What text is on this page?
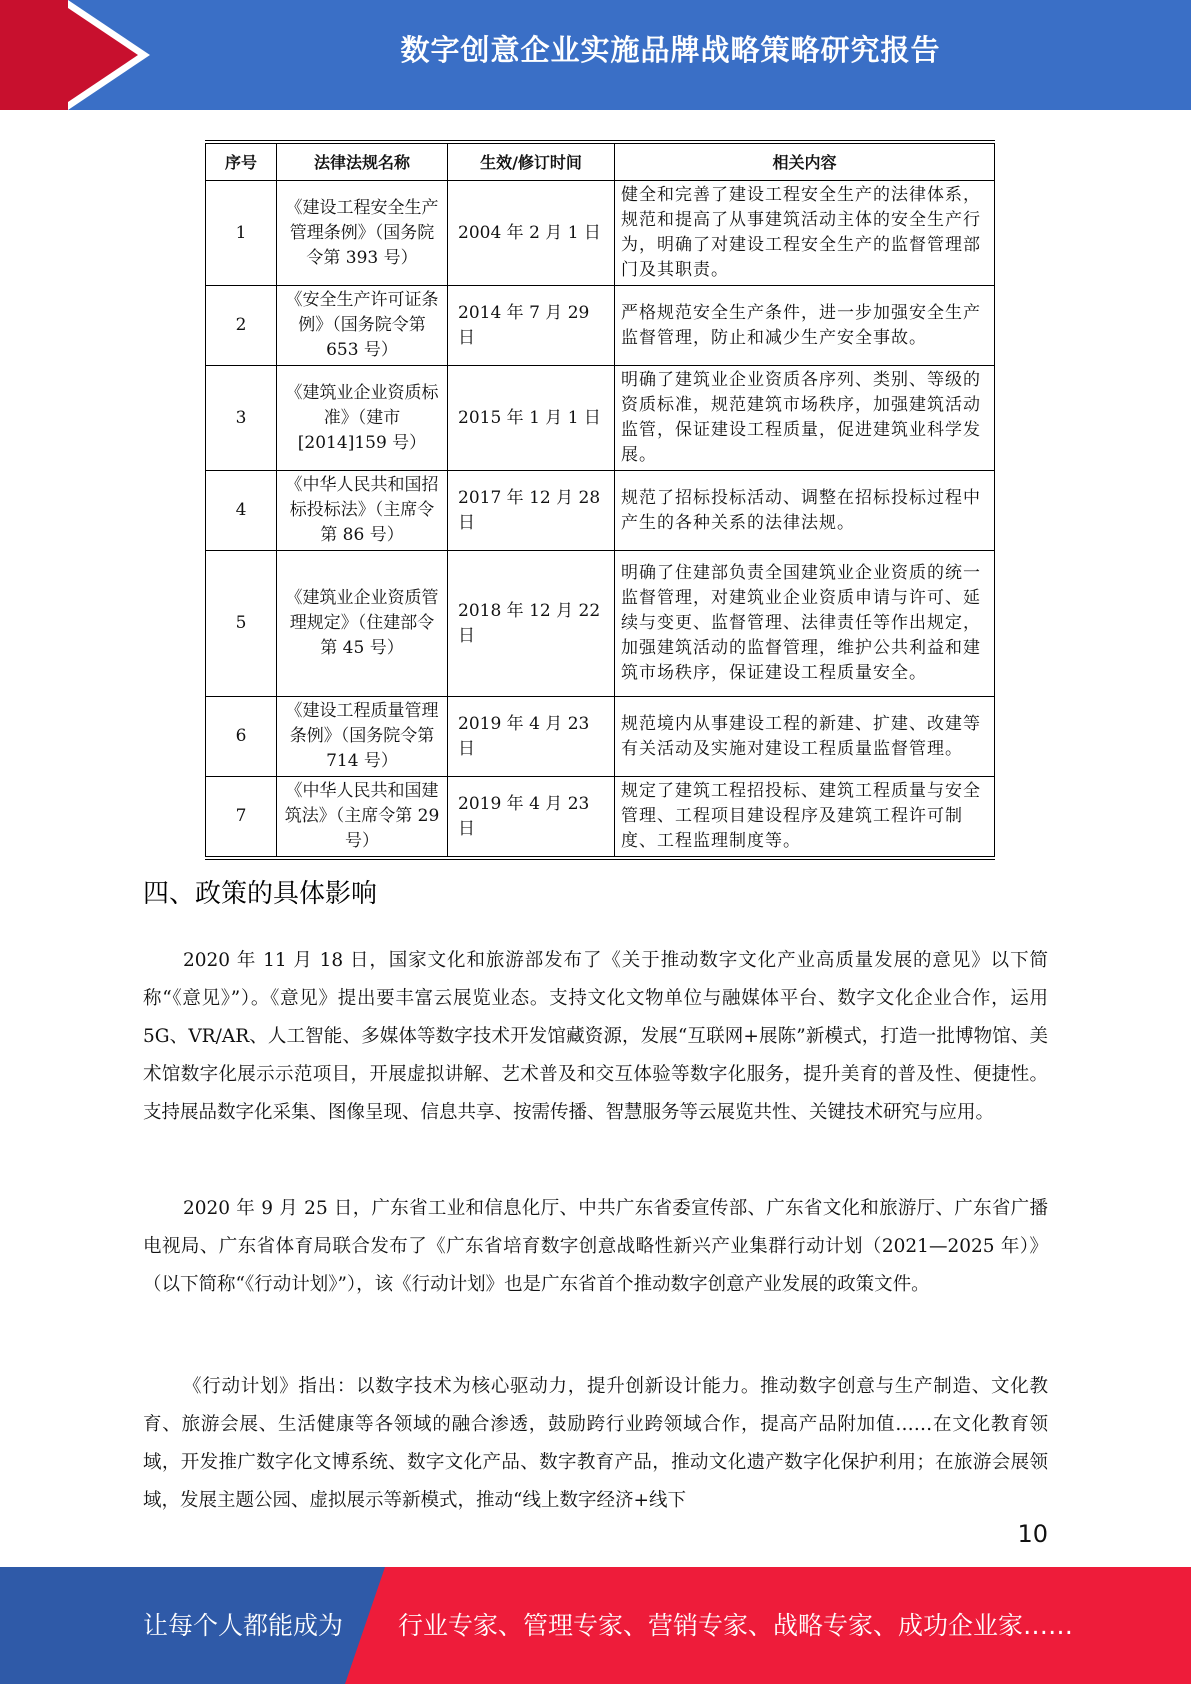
数字创意企业实施品牌战略策略研究报告
序号	法律法规名称	生效/修订时间	相关内容
1	《建设工程安全生产管理条例》（国务院令第 393 号）	2004 年 2 月 1 日	健全和完善了建设工程安全生产的法律体系，规范和提高了从事建筑活动主体的安全生产行为，明确了对建设工程安全生产的监督管理部门及其职责。
2	《安全生产许可证条例》（国务院令第653 号）	2014 年 7 月 29 日	严格规范安全生产条件，进一步加强安全生产监督管理，防止和减少生产安全事故。
3	《建筑业企业资质标准》（建市[2014]159 号）	2015 年 1 月 1 日	明确了建筑业企业资质各序列、类别、等级的资质标准，规范建筑市场秩序，加强建筑活动监管，保证建设工程质量，促进建筑业科学发展。
4	《中华人民共和国招标投标法》（主席令第 86 号）	2017 年 12 月 28 日	规范了招标投标活动、调整在招标投标过程中产生的各种关系的法律法规。
5	《建筑业企业资质管理规定》（住建部令第 45 号）	2018 年 12 月 22 日	明确了住建部负责全国建筑业企业资质的统一监督管理，对建筑业企业资质申请与许可、延续与变更、监督管理、法律责任等作出规定，加强建筑活动的监督管理，维护公共利益和建筑市场秩序，保证建设工程质量安全。
6	《建设工程质量管理条例》（国务院令第 714 号）	2019 年 4 月 23 日	规范境内从事建设工程的新建、扩建、改建等有关活动及实施对建设工程质量监督管理。
7	《中华人民共和国建筑法》（主席令第 29 号）	2019 年 4 月 23 日	规定了建筑工程招投标、建筑工程质量与安全管理、工程项目建设程序及建筑工程许可制度、工程监理制度等。
四、政策的具体影响

2020 年 11 月 18 日，国家文化和旅游部发布了《关于推动数字文化产业高质量发展的意见》以下简称“《意见》”）。《意见》提出要丰富云展览业态。支持文化文物单位与融媒体平台、数字文化企业合作，运用 5G、VR/AR、人工智能、多媒体等数字技术开发馆藏资源，发展“互联网+展陈”新模式，打造一批博物馆、美术馆数字化展示示范项目，开展虚拟讲解、艺术普及和交互体验等数字化服务，提升美育的普及性、便捷性。支持展品数字化采集、图像呈现、信息共享、按需传播、智慧服务等云展览共性、关键技术研究与应用。

2020 年 9 月 25 日，广东省工业和信息化厅、中共广东省委宣传部、广东省文化和旅游厅、广东省广播电视局、广东省体育局联合发布了《广东省培育数字创意战略性新兴产业集群行动计划（2021—2025 年）》（以下简称“《行动计划》”），该《行动计划》也是广东省首个推动数字创意产业发展的政策文件。

《行动计划》指出：以数字技术为核心驱动力，提升创新设计能力。推动数字创意与生产制造、文化教育、旅游会展、生活健康等各领域的融合渗透，鼓励跨行业跨领域合作，提高产品附加值……在文化教育领域，开发推广数字化文博系统、数字文化产品、数字教育产品，推动文化遗产数字化保护利用；在旅游会展领域，发展主题公园、虚拟展示等新模式，推动“线上数字经济+线下

10
让每个人都能成为 行业专家、管理专家、营销专家、战略专家、成功企业家……
